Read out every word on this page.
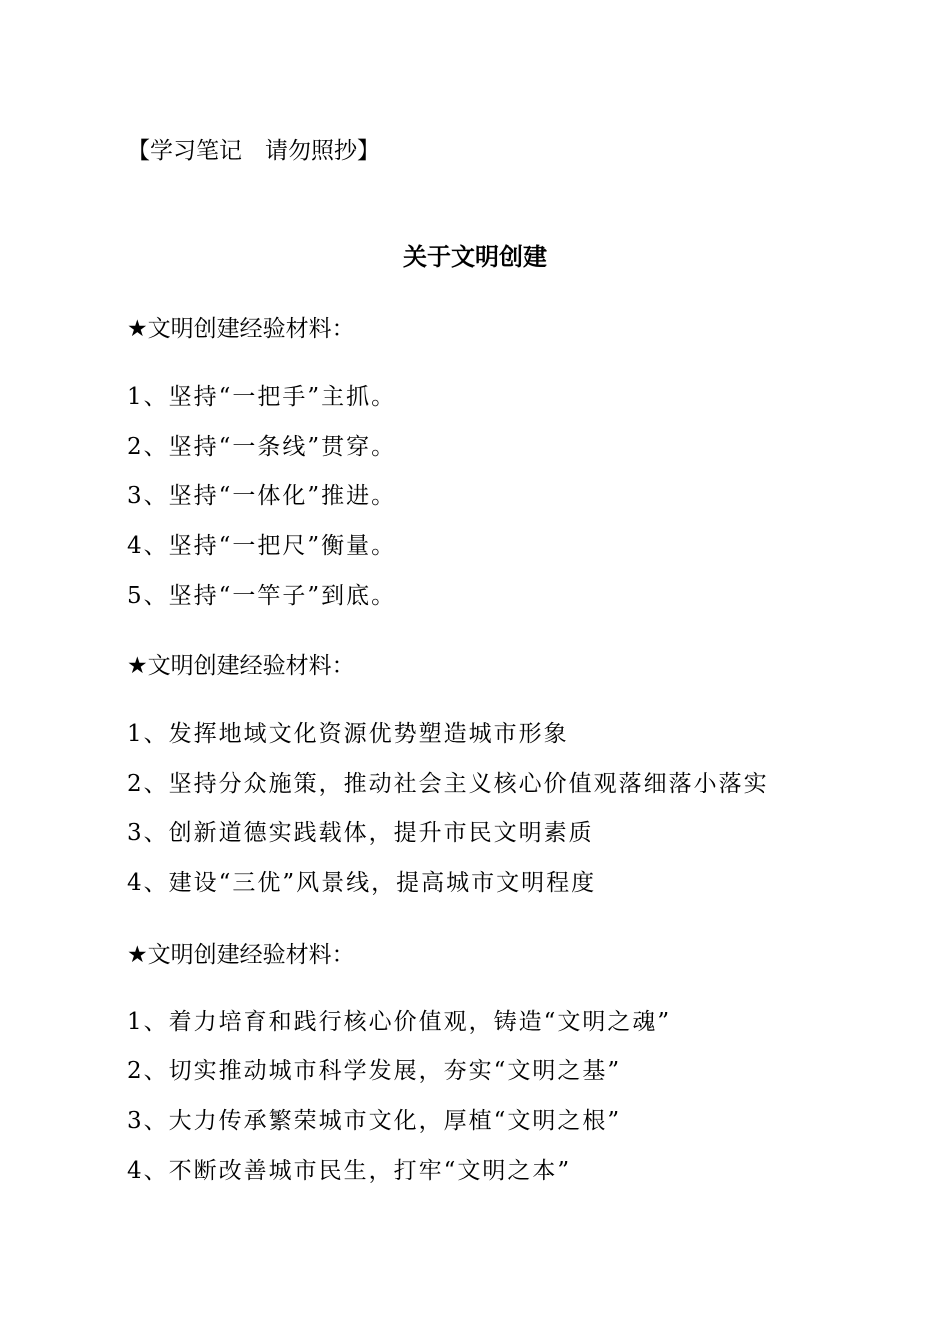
【学习笔记　请勿照抄】
关于文明创建
★文明创建经验材料：
1、坚持“一把手”主抓。
2、坚持“一条线”贯穿。
3、坚持“一体化”推进。
4、坚持“一把尺”衡量。
5、坚持“一竿子”到底。
★文明创建经验材料：
1、发挥地域文化资源优势塑造城市形象
2、坚持分众施策，推动社会主义核心价值观落细落小落实
3、创新道德实践载体，提升市民文明素质
4、建设“三优”风景线，提高城市文明程度
★文明创建经验材料：
1、着力培育和践行核心价值观，铸造“文明之魂”
2、切实推动城市科学发展，夯实“文明之基”
3、大力传承繁荣城市文化，厚植“文明之根”
4、不断改善城市民生，打牢“文明之本”
